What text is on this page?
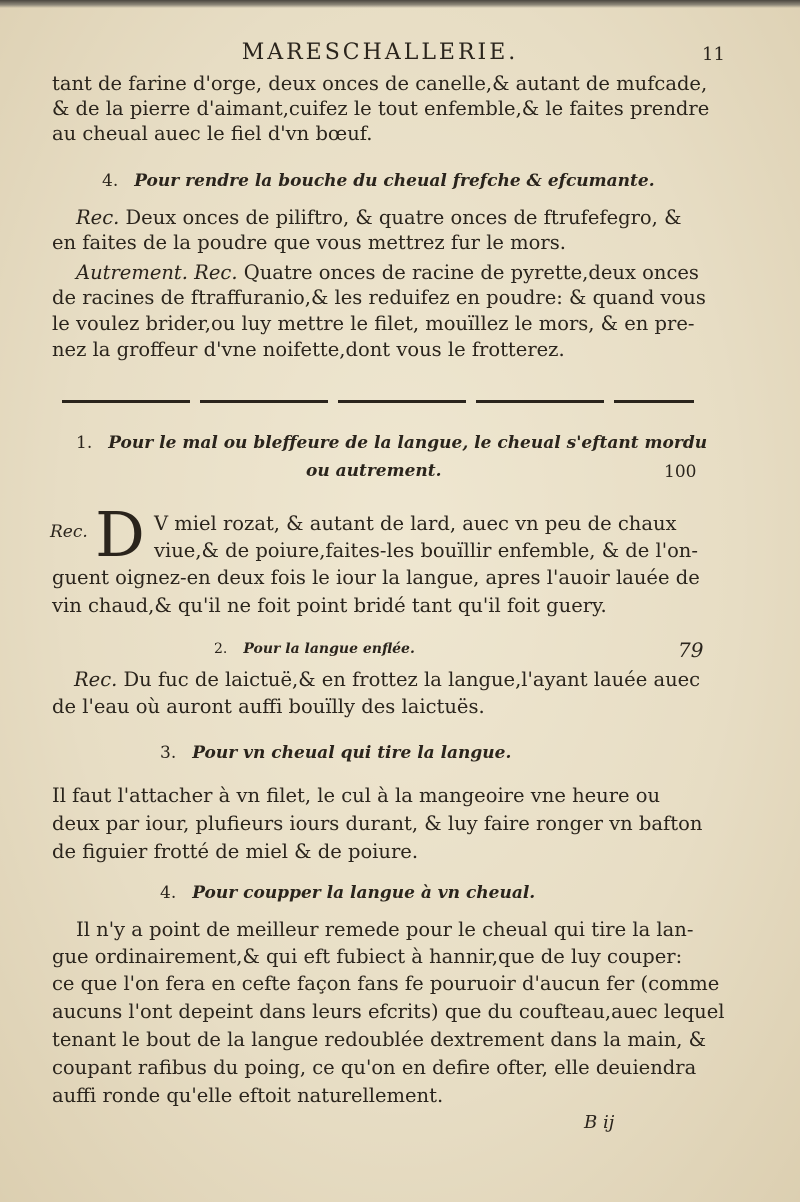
MARESCHALLERIE.	11
tant de farine d'orge, deux onces de canelle,& autant de mufcade,
& de la pierre d'aimant,cuifez le tout enfemble,& le faites prendre
au cheual auec le fiel d'vn bœuf.
4. Pour rendre la bouche du cheual frefche & efcumante.
Rec. Deux onces de piliftro, & quatre onces de ftrufefegro, &
en faites de la poudre que vous mettrez fur le mors.
Autrement. Rec. Quatre onces de racine de pyrette,deux onces
de racines de ftraffuranio,& les reduifez en poudre: & quand vous
le voulez brider,ou luy mettre le filet, mouïllez le mors, & en pre-
nez la groffeur d'vne noifette,dont vous le frotterez.
1. Pour le mal ou bleffeure de la langue, le cheual s'eftant mordu
ou autrement.	100
Rec. D V miel rozat, & autant de lard, auec vn peu de chaux
viue,& de poiure,faites-les bouïllir enfemble, & de l'on-
guent oignez-en deux fois le iour la langue, apres l'auoir lauée de
vin chaud,& qu'il ne foit point bridé tant qu'il foit guery.
2. Pour la langue enflée.	79
Rec. Du fuc de laictuë,& en frottez la langue,l'ayant lauée auec
de l'eau où auront auffi bouïlly des laictuës.
3. Pour vn cheual qui tire la langue.
Il faut l'attacher à vn filet, le cul à la mangeoire vne heure ou
deux par iour, plufieurs iours durant, & luy faire ronger vn bafton
de figuier frotté de miel & de poiure.
4. Pour coupper la langue à vn cheual.
Il n'y a point de meilleur remede pour le cheual qui tire la lan-
gue ordinairement,& qui eft fubiect à hannir,que de luy couper:
ce que l'on fera en cefte façon fans fe pouruoir d'aucun fer (comme
aucuns l'ont depeint dans leurs efcrits) que du coufteau,auec lequel
tenant le bout de la langue redoublée dextrement dans la main, &
coupant rafibus du poing, ce qu'on en defire ofter, elle deuiendra
auffi ronde qu'elle eftoit naturellement.
B ij
